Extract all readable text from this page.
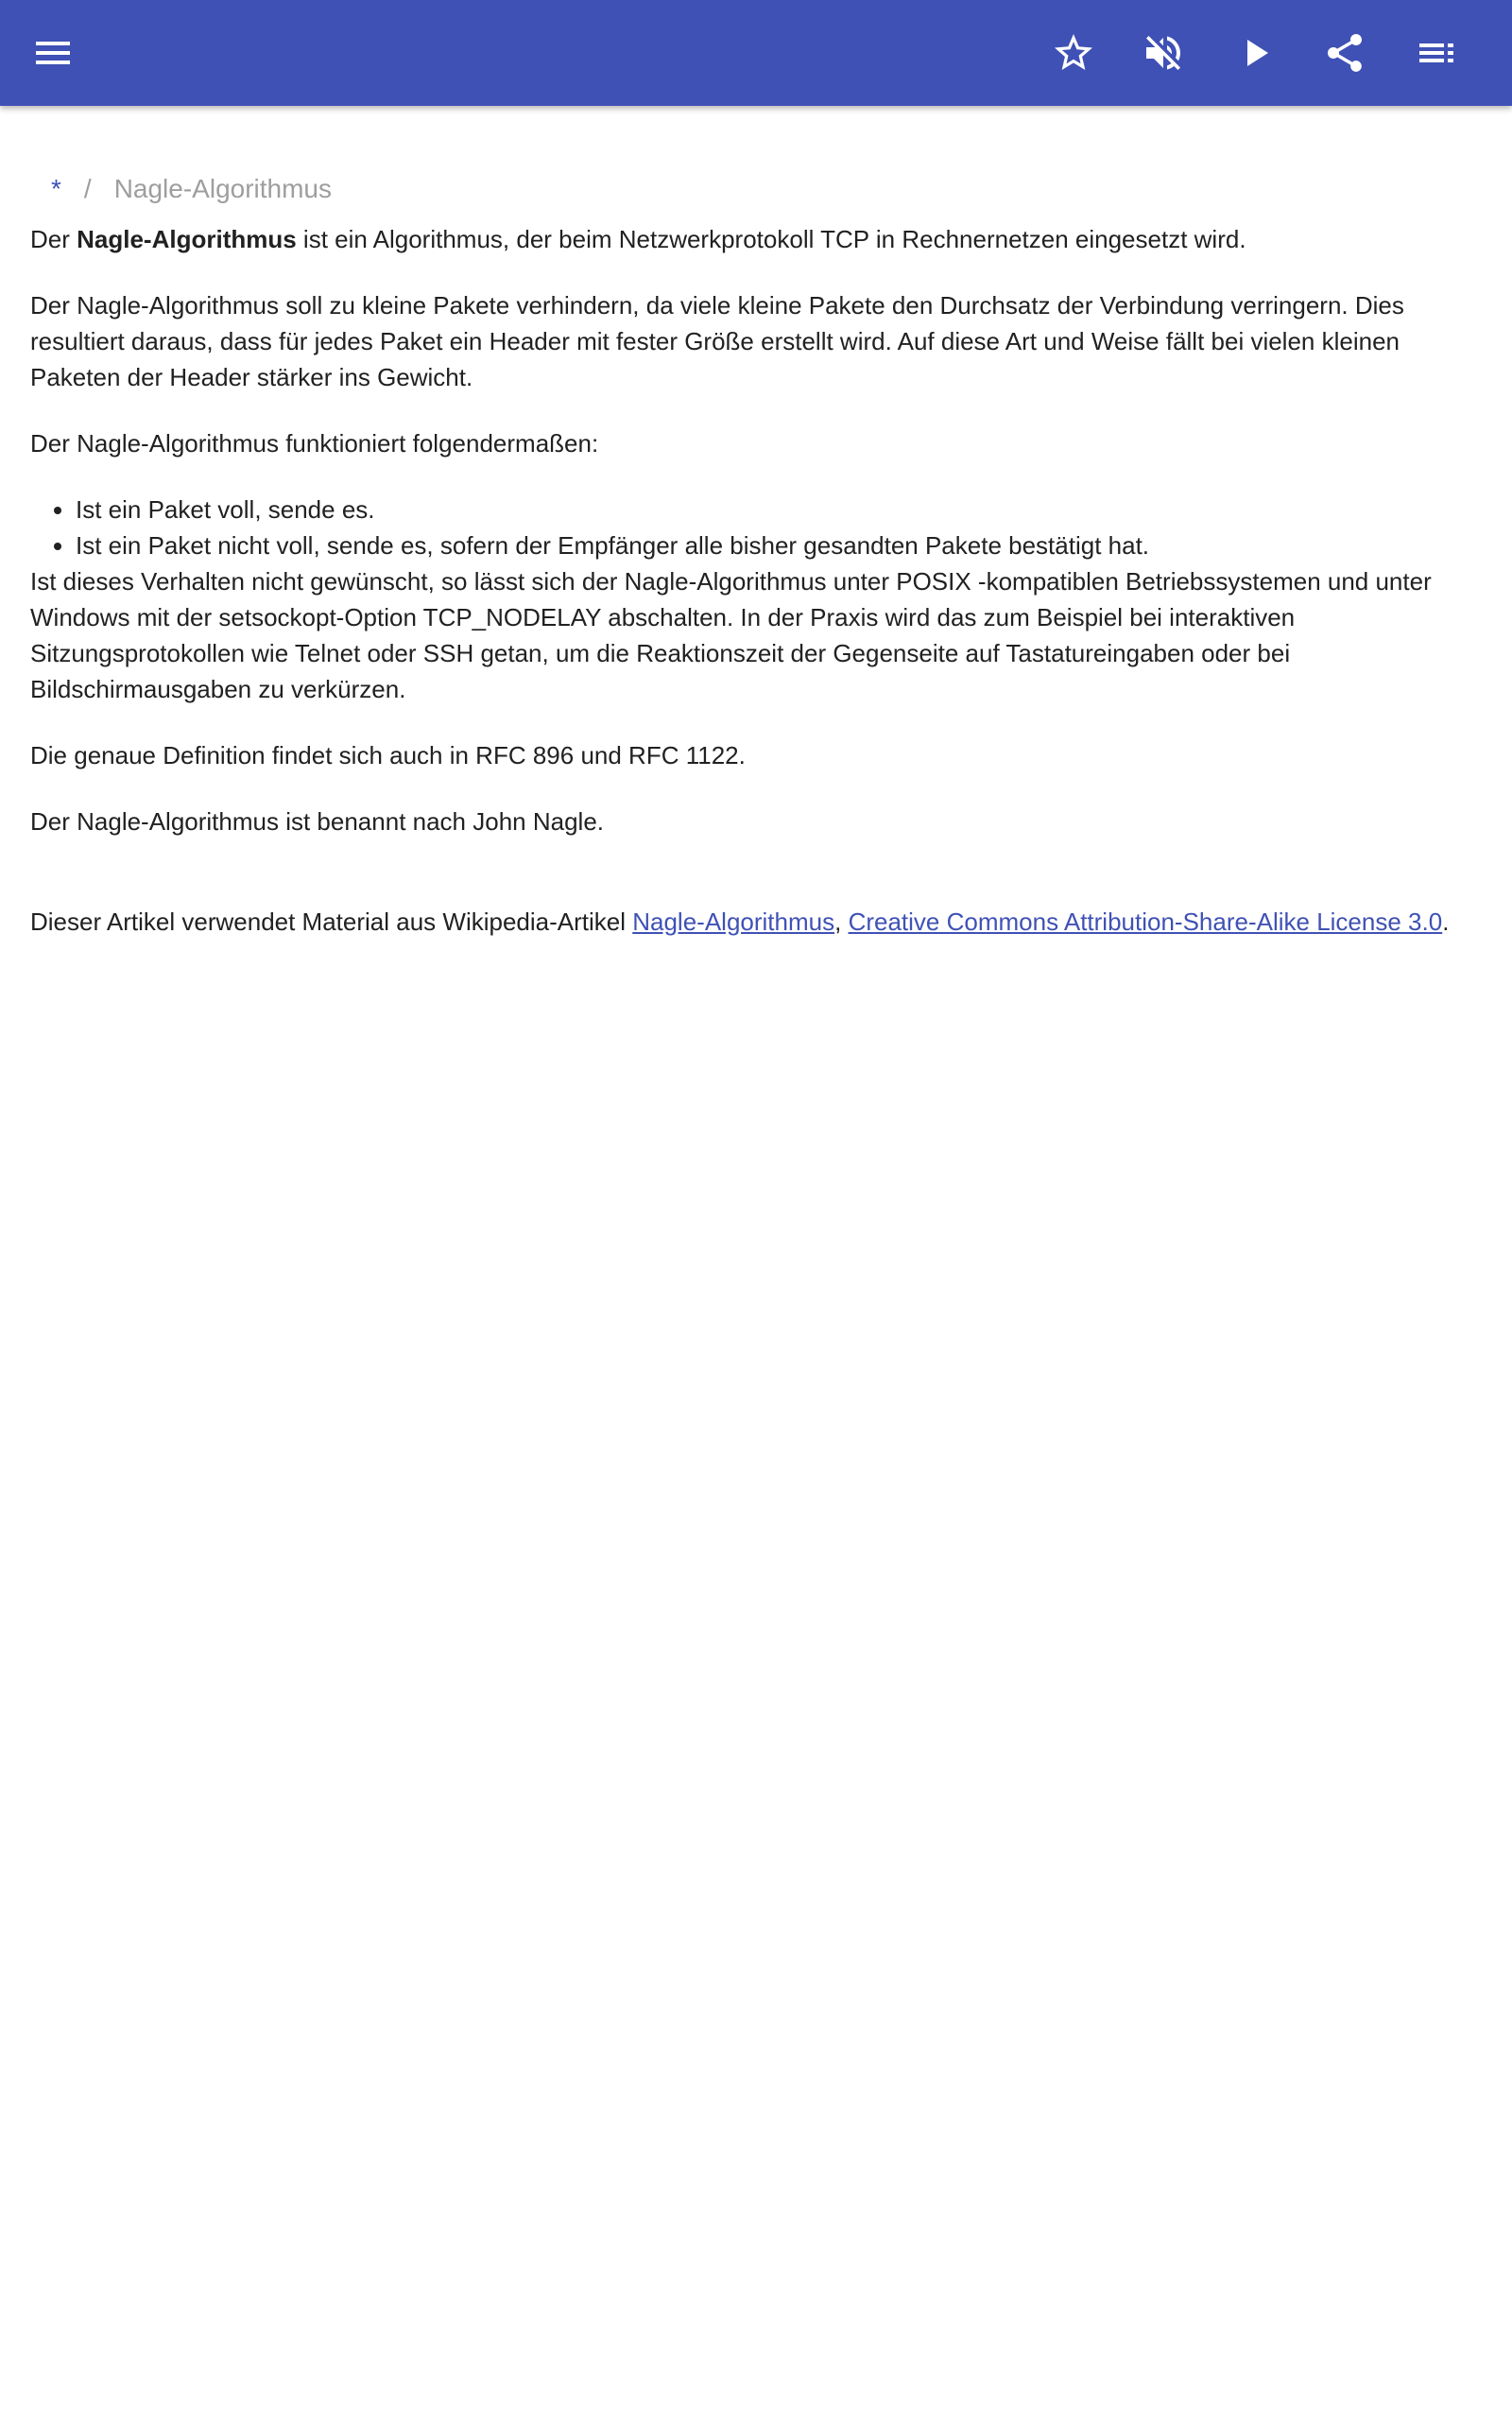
* / Nagle-Algorithmus

Der Nagle-Algorithmus ist ein Algorithmus, der beim Netzwerkprotokoll TCP in Rechnernetzen eingesetzt wird.

Der Nagle-Algorithmus soll zu kleine Pakete verhindern, da viele kleine Pakete den Durchsatz der Verbindung verringern. Dies resultiert daraus, dass für jedes Paket ein Header mit fester Größe erstellt wird. Auf diese Art und Weise fällt bei vielen kleinen Paketen der Header stärker ins Gewicht.

Der Nagle-Algorithmus funktioniert folgendermaßen:

• Ist ein Paket voll, sende es.
• Ist ein Paket nicht voll, sende es, sofern der Empfänger alle bisher gesandten Pakete bestätigt hat.

Ist dieses Verhalten nicht gewünscht, so lässt sich der Nagle-Algorithmus unter POSIX -kompatiblen Betriebssystemen und unter Windows mit der setsockopt-Option TCP_NODELAY abschalten. In der Praxis wird das zum Beispiel bei interaktiven Sitzungsprotokollen wie Telnet oder SSH getan, um die Reaktionszeit der Gegenseite auf Tastatureingaben oder bei Bildschirmausgaben zu verkürzen.

Die genaue Definition findet sich auch in RFC 896 und RFC 1122.

Der Nagle-Algorithmus ist benannt nach John Nagle.

Dieser Artikel verwendet Material aus Wikipedia-Artikel Nagle-Algorithmus, Creative Commons Attribution-Share-Alike License 3.0.
